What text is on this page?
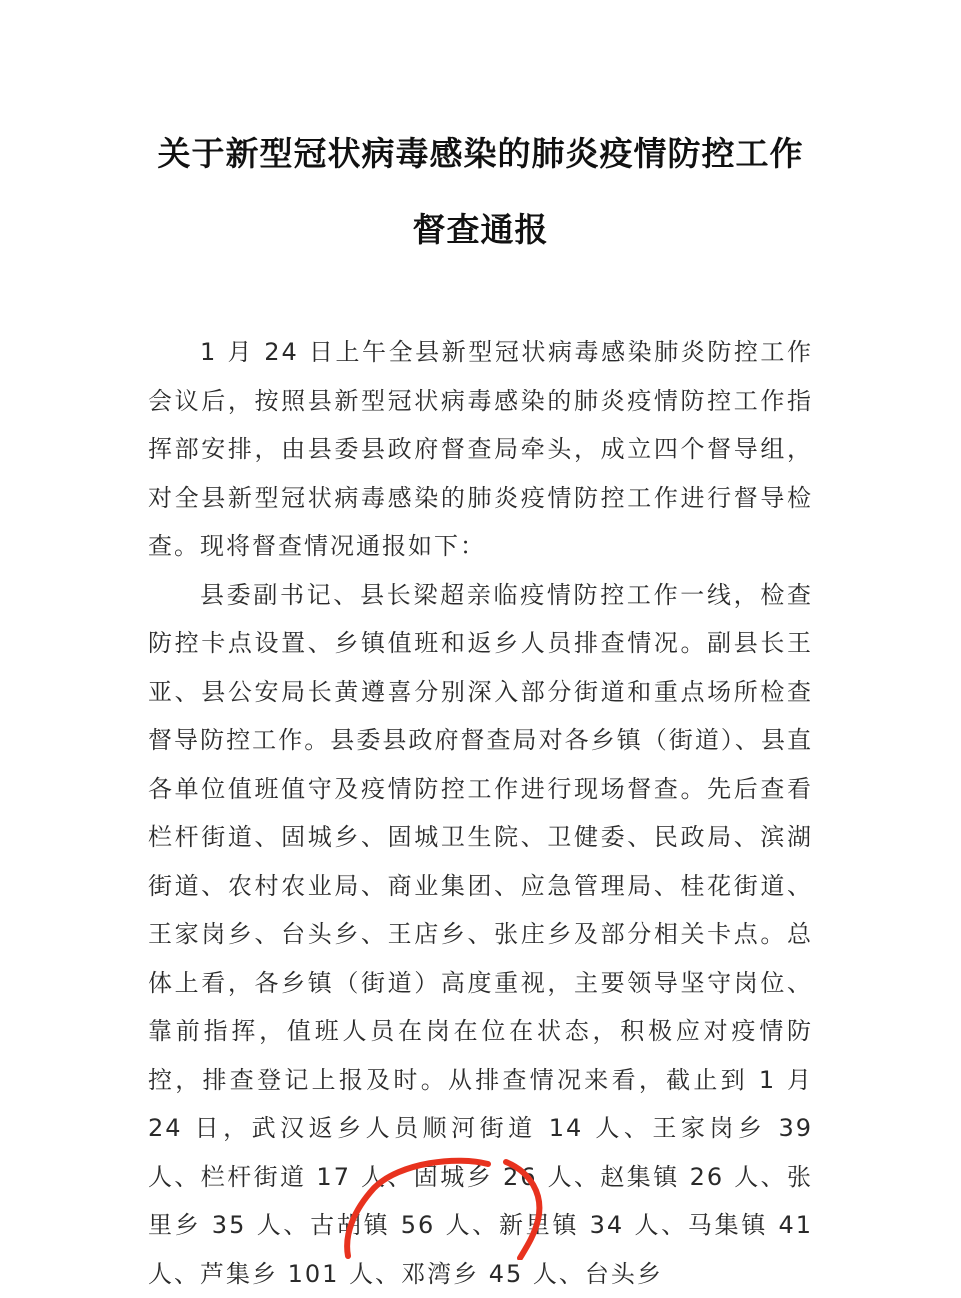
关于新型冠状病毒感染的肺炎疫情防控工作
督查通报

1 月 24 日上午全县新型冠状病毒感染肺炎防控工作会议后，按照县新型冠状病毒感染的肺炎疫情防控工作指挥部安排，由县委县政府督查局牵头，成立四个督导组，对全县新型冠状病毒感染的肺炎疫情防控工作进行督导检查。现将督查情况通报如下：

县委副书记、县长梁超亲临疫情防控工作一线，检查防控卡点设置、乡镇值班和返乡人员排查情况。副县长王亚、县公安局长黄遵喜分别深入部分街道和重点场所检查督导防控工作。县委县政府督查局对各乡镇（街道）、县直各单位值班值守及疫情防控工作进行现场督查。先后查看栏杆街道、固城乡、固城卫生院、卫健委、民政局、滨湖街道、农村农业局、商业集团、应急管理局、桂花街道、王家岗乡、台头乡、王店乡、张庄乡及部分相关卡点。总体上看，各乡镇（街道）高度重视，主要领导坚守岗位、靠前指挥，值班人员在岗在位在状态，积极应对疫情防控，排查登记上报及时。从排查情况来看，截止到 1 月 24 日，武汉返乡人员顺河街道 14 人、王家岗乡 39 人、栏杆街道 17 人、固城乡 26 人、赵集镇 26 人、张里乡 35 人、古胡镇 56 人、新里镇 34 人、马集镇 41 人、芦集乡 101 人、邓湾乡 45 人、台头乡
